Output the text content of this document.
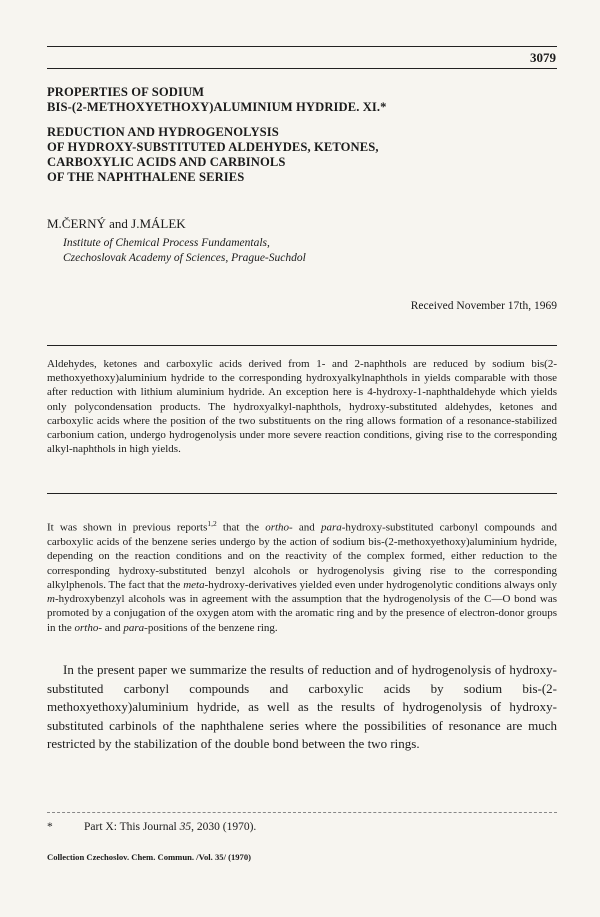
3079
PROPERTIES OF SODIUM
BIS-(2-METHOXYETHOXY)ALUMINIUM HYDRIDE. XI.*
REDUCTION AND HYDROGENOLYSIS
OF HYDROXY-SUBSTITUTED ALDEHYDES, KETONES,
CARBOXYLIC ACIDS AND CARBINOLS
OF THE NAPHTHALENE SERIES
M.ČERNÝ and J.MÁLEK
Institute of Chemical Process Fundamentals,
Czechoslovak Academy of Sciences, Prague-Suchdol
Received November 17th, 1969

Aldehydes, ketones and carboxylic acids derived from 1- and 2-naphthols are reduced by sodium bis(2-methoxyethoxy)aluminium hydride to the corresponding hydroxyalkylnaphthols in yields comparable with those after reduction with lithium aluminium hydride. An exception here is 4-hydroxy-1-naphthaldehyde which yields only polycondensation products. The hydroxyalkyl-naphthols, hydroxy-substituted aldehydes, ketones and carboxylic acids where the position of the two substituents on the ring allows formation of a resonance-stabilized carbonium cation, undergo hydrogenolysis under more severe reaction conditions, giving rise to the corresponding alkyl-naphthols in high yields.

It was shown in previous reports$^{1,2}$ that the ortho- and para-hydroxy-substituted carbonyl compounds and carboxylic acids of the benzene series undergo by the action of sodium bis-(2-methoxyethoxy)aluminium hydride, depending on the reaction conditions and on the reactivity of the complex formed, either reduction to the corresponding hydroxy-substituted benzyl alcohols or hydrogenolysis giving rise to the corresponding alkylphenols. The fact that the meta-hydroxy-derivatives yielded even under hydrogenolytic conditions always only m-hydroxybenzyl alcohols was in agreement with the assumption that the hydrogenolysis of the C—O bond was promoted by a conjugation of the oxygen atom with the aromatic ring and by the presence of electron-donor groups in the ortho- and para-positions of the benzene ring.

In the present paper we summarize the results of reduction and of hydrogenolysis of hydroxy-substituted carbonyl compounds and carboxylic acids by sodium bis-(2-methoxyethoxy)aluminium hydride, as well as the results of hydrogenolysis of hydroxy-substituted carbinols of the naphthalene series where the possibilities of resonance are much restricted by the stabilization of the double bond between the two rings.

*	Part X: This Journal 35, 2030 (1970).
Collection Czechoslov. Chem. Commun. /Vol. 35/ (1970)
